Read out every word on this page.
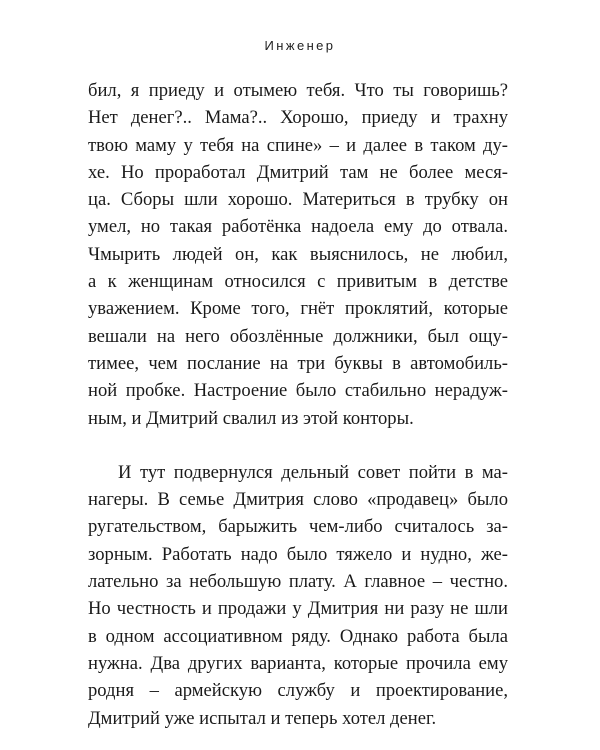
Инженер
бил, я приеду и отымею тебя. Что ты говоришь?
Нет денег?.. Мама?.. Хорошо, приеду и трахну
твою маму у тебя на спине» – и далее в таком ду-
хе. Но проработал Дмитрий там не более меся-
ца. Сборы шли хорошо. Материться в трубку он
умел, но такая работёнка надоела ему до отвала.
Чмырить людей он, как выяснилось, не любил,
а к женщинам относился с привитым в детстве
уважением. Кроме того, гнёт проклятий, которые
вешали на него обозлённые должники, был ощу-
тимее, чем послание на три буквы в автомобиль-
ной пробке. Настроение было стабильно нерадуж-
ным, и Дмитрий свалил из этой конторы.
И тут подвернулся дельный совет пойти в ма-
нагеры. В семье Дмитрия слово «продавец» было
ругательством, барыжить чем-либо считалось за-
зорным. Работать надо было тяжело и нудно, же-
лательно за небольшую плату. А главное – честно.
Но честность и продажи у Дмитрия ни разу не шли
в одном ассоциативном ряду. Однако работа была
нужна. Два других варианта, которые прочила ему
родня – армейскую службу и проектирование,
Дмитрий уже испытал и теперь хотел денег.
